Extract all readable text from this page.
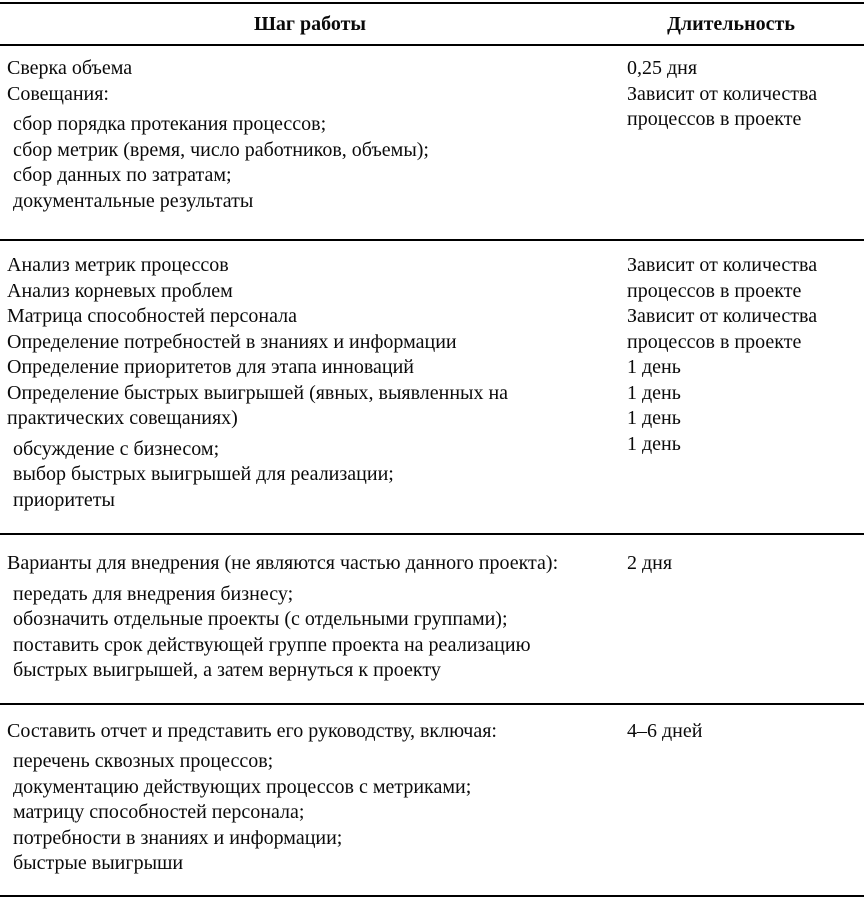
Шаг работы	Длительность
Сверка объема
Совещания:
сбор порядка протекания процессов;
сбор метрик (время, число работников, объемы);
сбор данных по затратам;
документальные результаты
0,25 дня
Зависит от количества
процессов в проекте
Анализ метрик процессов
Анализ корневых проблем
Матрица способностей персонала
Определение потребностей в знаниях и информации
Определение приоритетов для этапа инноваций
Определение быстрых выигрышей (явных, выявленных на
практических совещаниях)
обсуждение с бизнесом;
выбор быстрых выигрышей для реализации;
приоритеты
Зависит от количества
процессов в проекте
Зависит от количества
процессов в проекте
1 день
1 день
1 день
1 день
Варианты для внедрения (не являются частью данного проекта):
передать для внедрения бизнесу;
обозначить отдельные проекты (с отдельными группами);
поставить срок действующей группе проекта на реализацию
быстрых выигрышей, а затем вернуться к проекту
2 дня
Составить отчет и представить его руководству, включая:
перечень сквозных процессов;
документацию действующих процессов с метриками;
матрицу способностей персонала;
потребности в знаниях и информации;
быстрые выигрыши
4–6 дней
